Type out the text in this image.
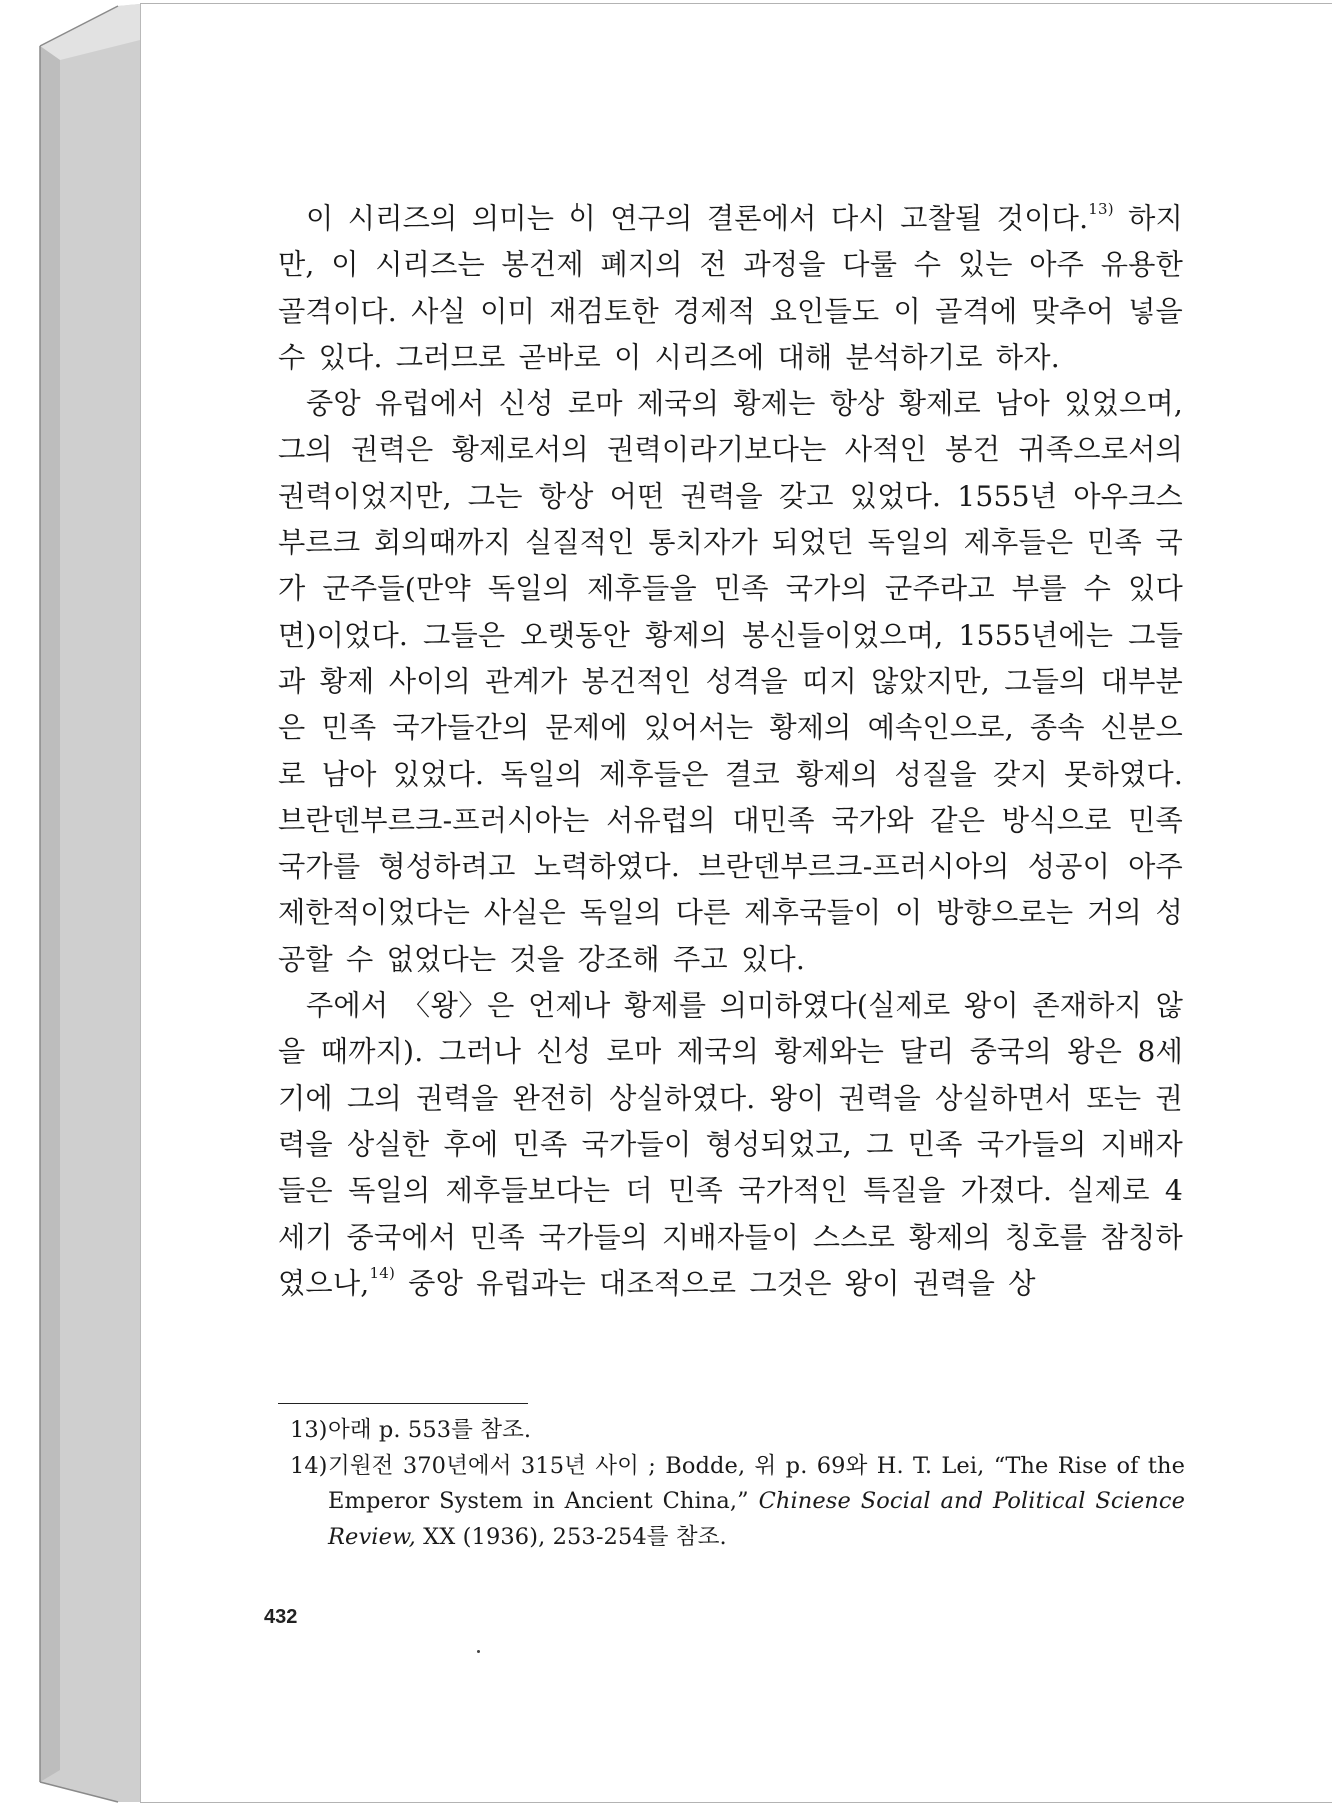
이 시리즈의 의미는 이 연구의 결론에서 다시 고찰될 것이다.$^{13)}$ 하지만, 이 시리즈는 봉건제 폐지의 전 과정을 다룰 수 있는 아주 유용한 골격이다. 사실 이미 재검토한 경제적 요인들도 이 골격에 맞추어 넣을 수 있다. 그러므로 곧바로 이 시리즈에 대해 분석하기로 하자.

중앙 유럽에서 신성 로마 제국의 황제는 항상 황제로 남아 있었으며, 그의 권력은 황제로서의 권력이라기보다는 사적인 봉건 귀족으로서의 권력이었지만, 그는 항상 어떤 권력을 갖고 있었다. 1555년 아우크스부르크 회의때까지 실질적인 통치자가 되었던 독일의 제후들은 민족 국가 군주들(만약 독일의 제후들을 민족 국가의 군주라고 부를 수 있다면)이었다. 그들은 오랫동안 황제의 봉신들이었으며, 1555년에는 그들과 황제 사이의 관계가 봉건적인 성격을 띠지 않았지만, 그들의 대부분은 민족 국가들간의 문제에 있어서는 황제의 예속인으로, 종속 신분으로 남아 있었다. 독일의 제후들은 결코 황제의 성질을 갖지 못하였다. 브란덴부르크-프러시아는 서유럽의 대민족 국가와 같은 방식으로 민족 국가를 형성하려고 노력하였다. 브란덴부르크-프러시아의 성공이 아주 제한적이었다는 사실은 독일의 다른 제후국들이 이 방향으로는 거의 성공할 수 없었다는 것을 강조해 주고 있다.

주에서 〈왕〉은 언제나 황제를 의미하였다(실제로 왕이 존재하지 않을 때까지). 그러나 신성 로마 제국의 황제와는 달리 중국의 왕은 8세기에 그의 권력을 완전히 상실하였다. 왕이 권력을 상실하면서 또는 권력을 상실한 후에 민족 국가들이 형성되었고, 그 민족 국가들의 지배자들은 독일의 제후들보다는 더 민족 국가적인 특질을 가졌다. 실제로 4세기 중국에서 민족 국가들의 지배자들이 스스로 황제의 칭호를 참칭하였으나,$^{14)}$ 중앙 유럽과는 대조적으로 그것은 왕이 권력을 상

13) 아래 p. 553를 참조.
14) 기원전 370년에서 315년 사이 ; Bodde, 위 p. 69와 H. T. Lei, “The Rise of the Emperor System in Ancient China,” Chinese Social and Political Science Review, XX (1936), 253-254를 참조.
432
